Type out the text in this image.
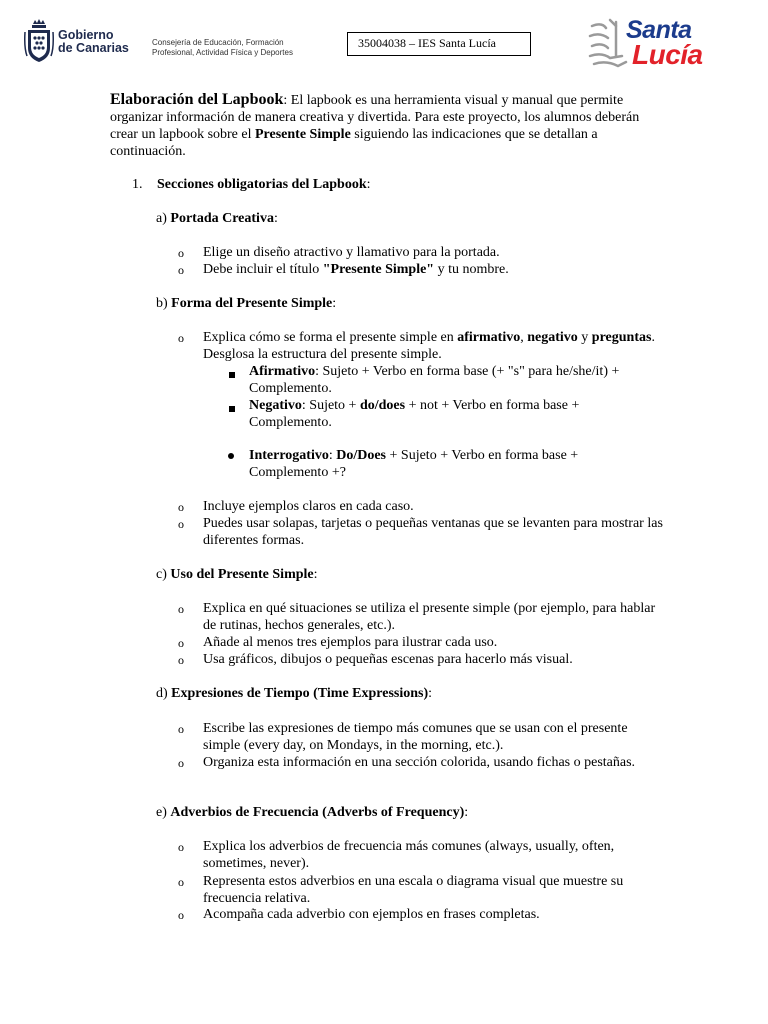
Gobierno
de Canarias	Consejería de Educación, Formación
Profesional, Actividad Física y Deportes
35004038 – IES Santa Lucía	Santa
Lucía
Elaboración del Lapbook: El lapbook es una herramienta visual y manual que permite organizar información de manera creativa y divertida. Para este proyecto, los alumnos deberán crear un lapbook sobre el Presente Simple siguiendo las indicaciones que se detallan a continuación.
1. Secciones obligatorias del Lapbook:
a) Portada Creativa:
o Elige un diseño atractivo y llamativo para la portada.
o Debe incluir el título "Presente Simple" y tu nombre.
b) Forma del Presente Simple:
o Explica cómo se forma el presente simple en afirmativo, negativo y preguntas. Desglosa la estructura del presente simple.
Afirmativo: Sujeto + Verbo en forma base (+ "s" para he/she/it) + Complemento.
Negativo: Sujeto + do/does + not + Verbo en forma base + Complemento.
Interrogativo: Do/Does + Sujeto + Verbo en forma base + Complemento +?
o Incluye ejemplos claros en cada caso.
o Puedes usar solapas, tarjetas o pequeñas ventanas que se levanten para mostrar las diferentes formas.
c) Uso del Presente Simple:
o Explica en qué situaciones se utiliza el presente simple (por ejemplo, para hablar de rutinas, hechos generales, etc.).
o Añade al menos tres ejemplos para ilustrar cada uso.
o Usa gráficos, dibujos o pequeñas escenas para hacerlo más visual.
d) Expresiones de Tiempo (Time Expressions):
o Escribe las expresiones de tiempo más comunes que se usan con el presente simple (every day, on Mondays, in the morning, etc.).
o Organiza esta información en una sección colorida, usando fichas o pestañas.
e) Adverbios de Frecuencia (Adverbs of Frequency):
o Explica los adverbios de frecuencia más comunes (always, usually, often, sometimes, never).
o Representa estos adverbios en una escala o diagrama visual que muestre su frecuencia relativa.
o Acompaña cada adverbio con ejemplos en frases completas.
